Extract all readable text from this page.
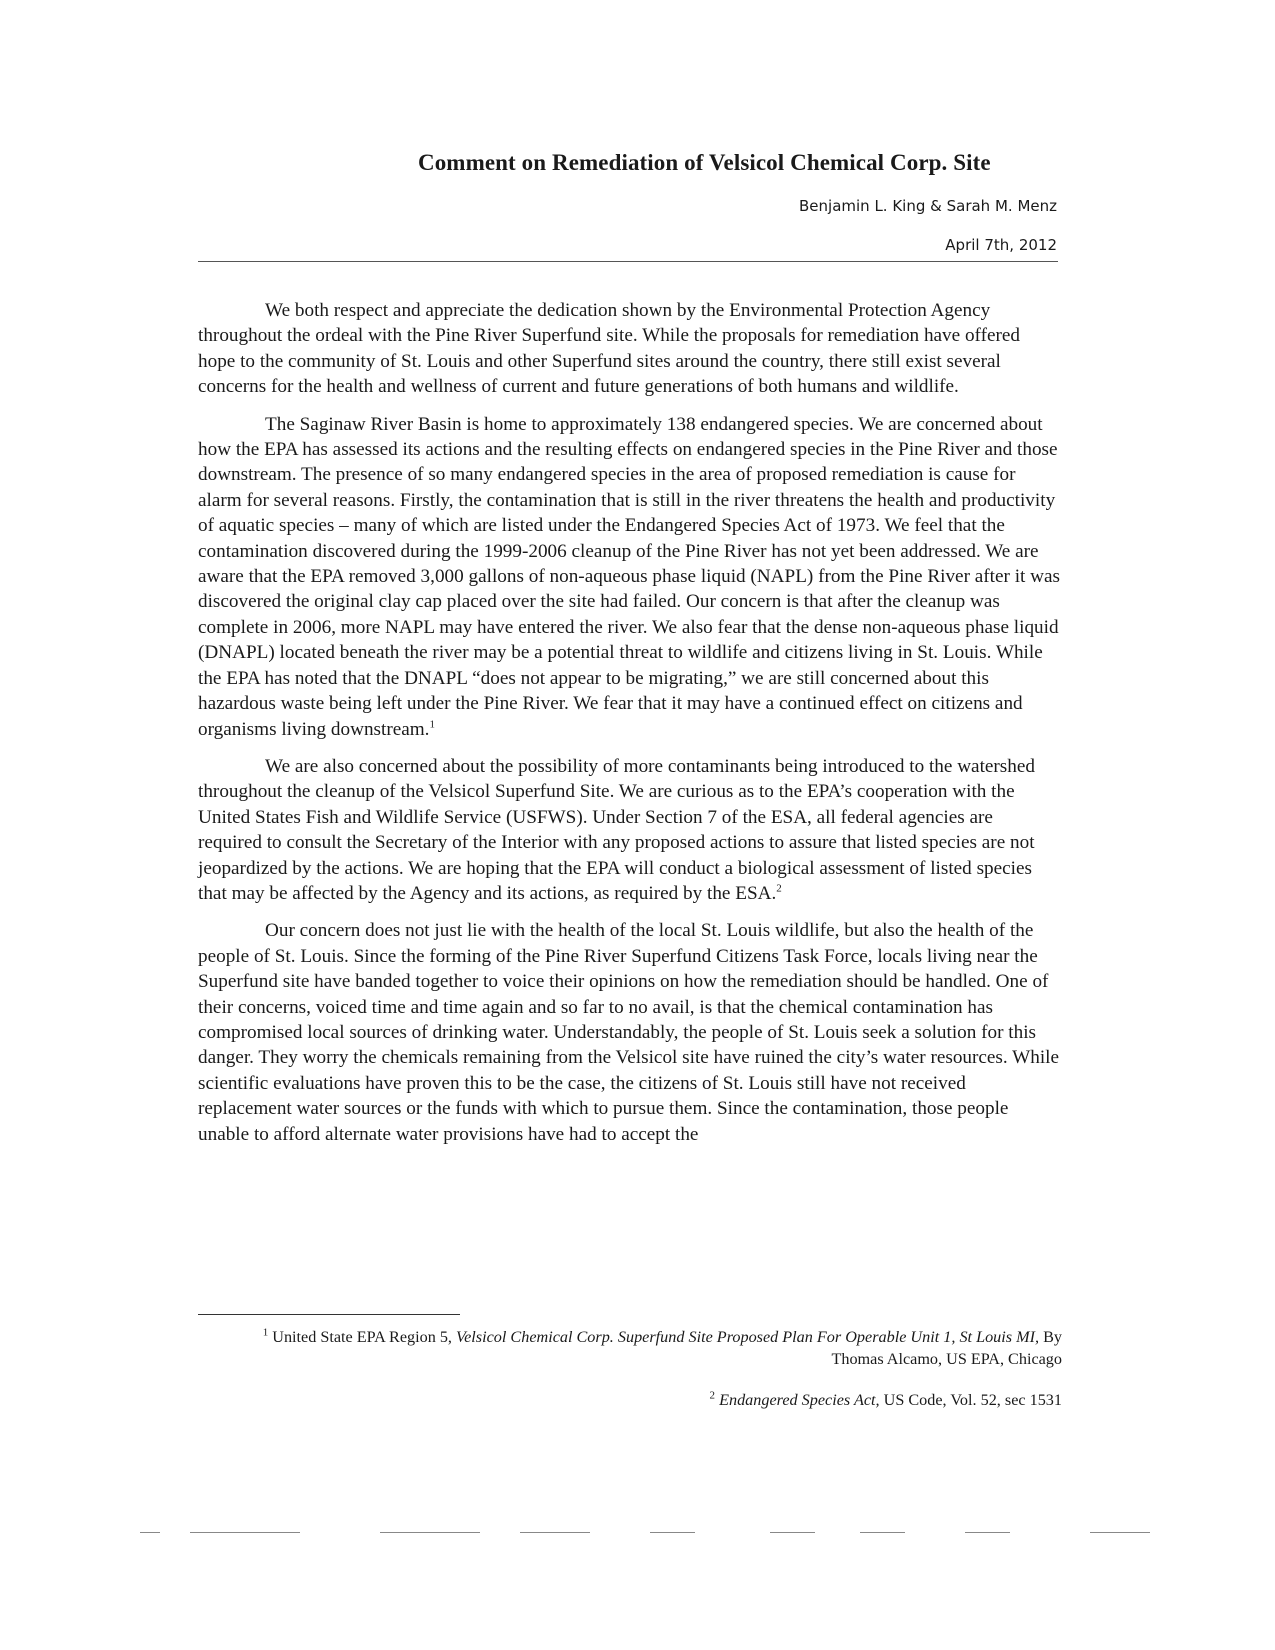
Comment on Remediation of Velsicol Chemical Corp. Site
Benjamin L. King & Sarah M. Menz
April 7th, 2012

We both respect and appreciate the dedication shown by the Environmental Protection Agency throughout the ordeal with the Pine River Superfund site. While the proposals for remediation have offered hope to the community of St. Louis and other Superfund sites around the country, there still exist several concerns for the health and wellness of current and future generations of both humans and wildlife.

The Saginaw River Basin is home to approximately 138 endangered species. We are concerned about how the EPA has assessed its actions and the resulting effects on endangered species in the Pine River and those downstream. The presence of so many endangered species in the area of proposed remediation is cause for alarm for several reasons. Firstly, the contamination that is still in the river threatens the health and productivity of aquatic species – many of which are listed under the Endangered Species Act of 1973. We feel that the contamination discovered during the 1999-2006 cleanup of the Pine River has not yet been addressed. We are aware that the EPA removed 3,000 gallons of non-aqueous phase liquid (NAPL) from the Pine River after it was discovered the original clay cap placed over the site had failed. Our concern is that after the cleanup was complete in 2006, more NAPL may have entered the river. We also fear that the dense non-aqueous phase liquid (DNAPL) located beneath the river may be a potential threat to wildlife and citizens living in St. Louis. While the EPA has noted that the DNAPL “does not appear to be migrating,” we are still concerned about this hazardous waste being left under the Pine River. We fear that it may have a continued effect on citizens and organisms living downstream.$^1$

We are also concerned about the possibility of more contaminants being introduced to the watershed throughout the cleanup of the Velsicol Superfund Site. We are curious as to the EPA’s cooperation with the United States Fish and Wildlife Service (USFWS). Under Section 7 of the ESA, all federal agencies are required to consult the Secretary of the Interior with any proposed actions to assure that listed species are not jeopardized by the actions. We are hoping that the EPA will conduct a biological assessment of listed species that may be affected by the Agency and its actions, as required by the ESA.$^2$

Our concern does not just lie with the health of the local St. Louis wildlife, but also the health of the people of St. Louis. Since the forming of the Pine River Superfund Citizens Task Force, locals living near the Superfund site have banded together to voice their opinions on how the remediation should be handled. One of their concerns, voiced time and time again and so far to no avail, is that the chemical contamination has compromised local sources of drinking water. Understandably, the people of St. Louis seek a solution for this danger. They worry the chemicals remaining from the Velsicol site have ruined the city’s water resources. While scientific evaluations have proven this to be the case, the citizens of St. Louis still have not received replacement water sources or the funds with which to pursue them. Since the contamination, those people unable to afford alternate water provisions have had to accept the

$^1$ United State EPA Region 5, Velsicol Chemical Corp. Superfund Site Proposed Plan For Operable Unit 1, St Louis MI, By Thomas Alcamo, US EPA, Chicago
$^2$ Endangered Species Act, US Code, Vol. 52, sec 1531
